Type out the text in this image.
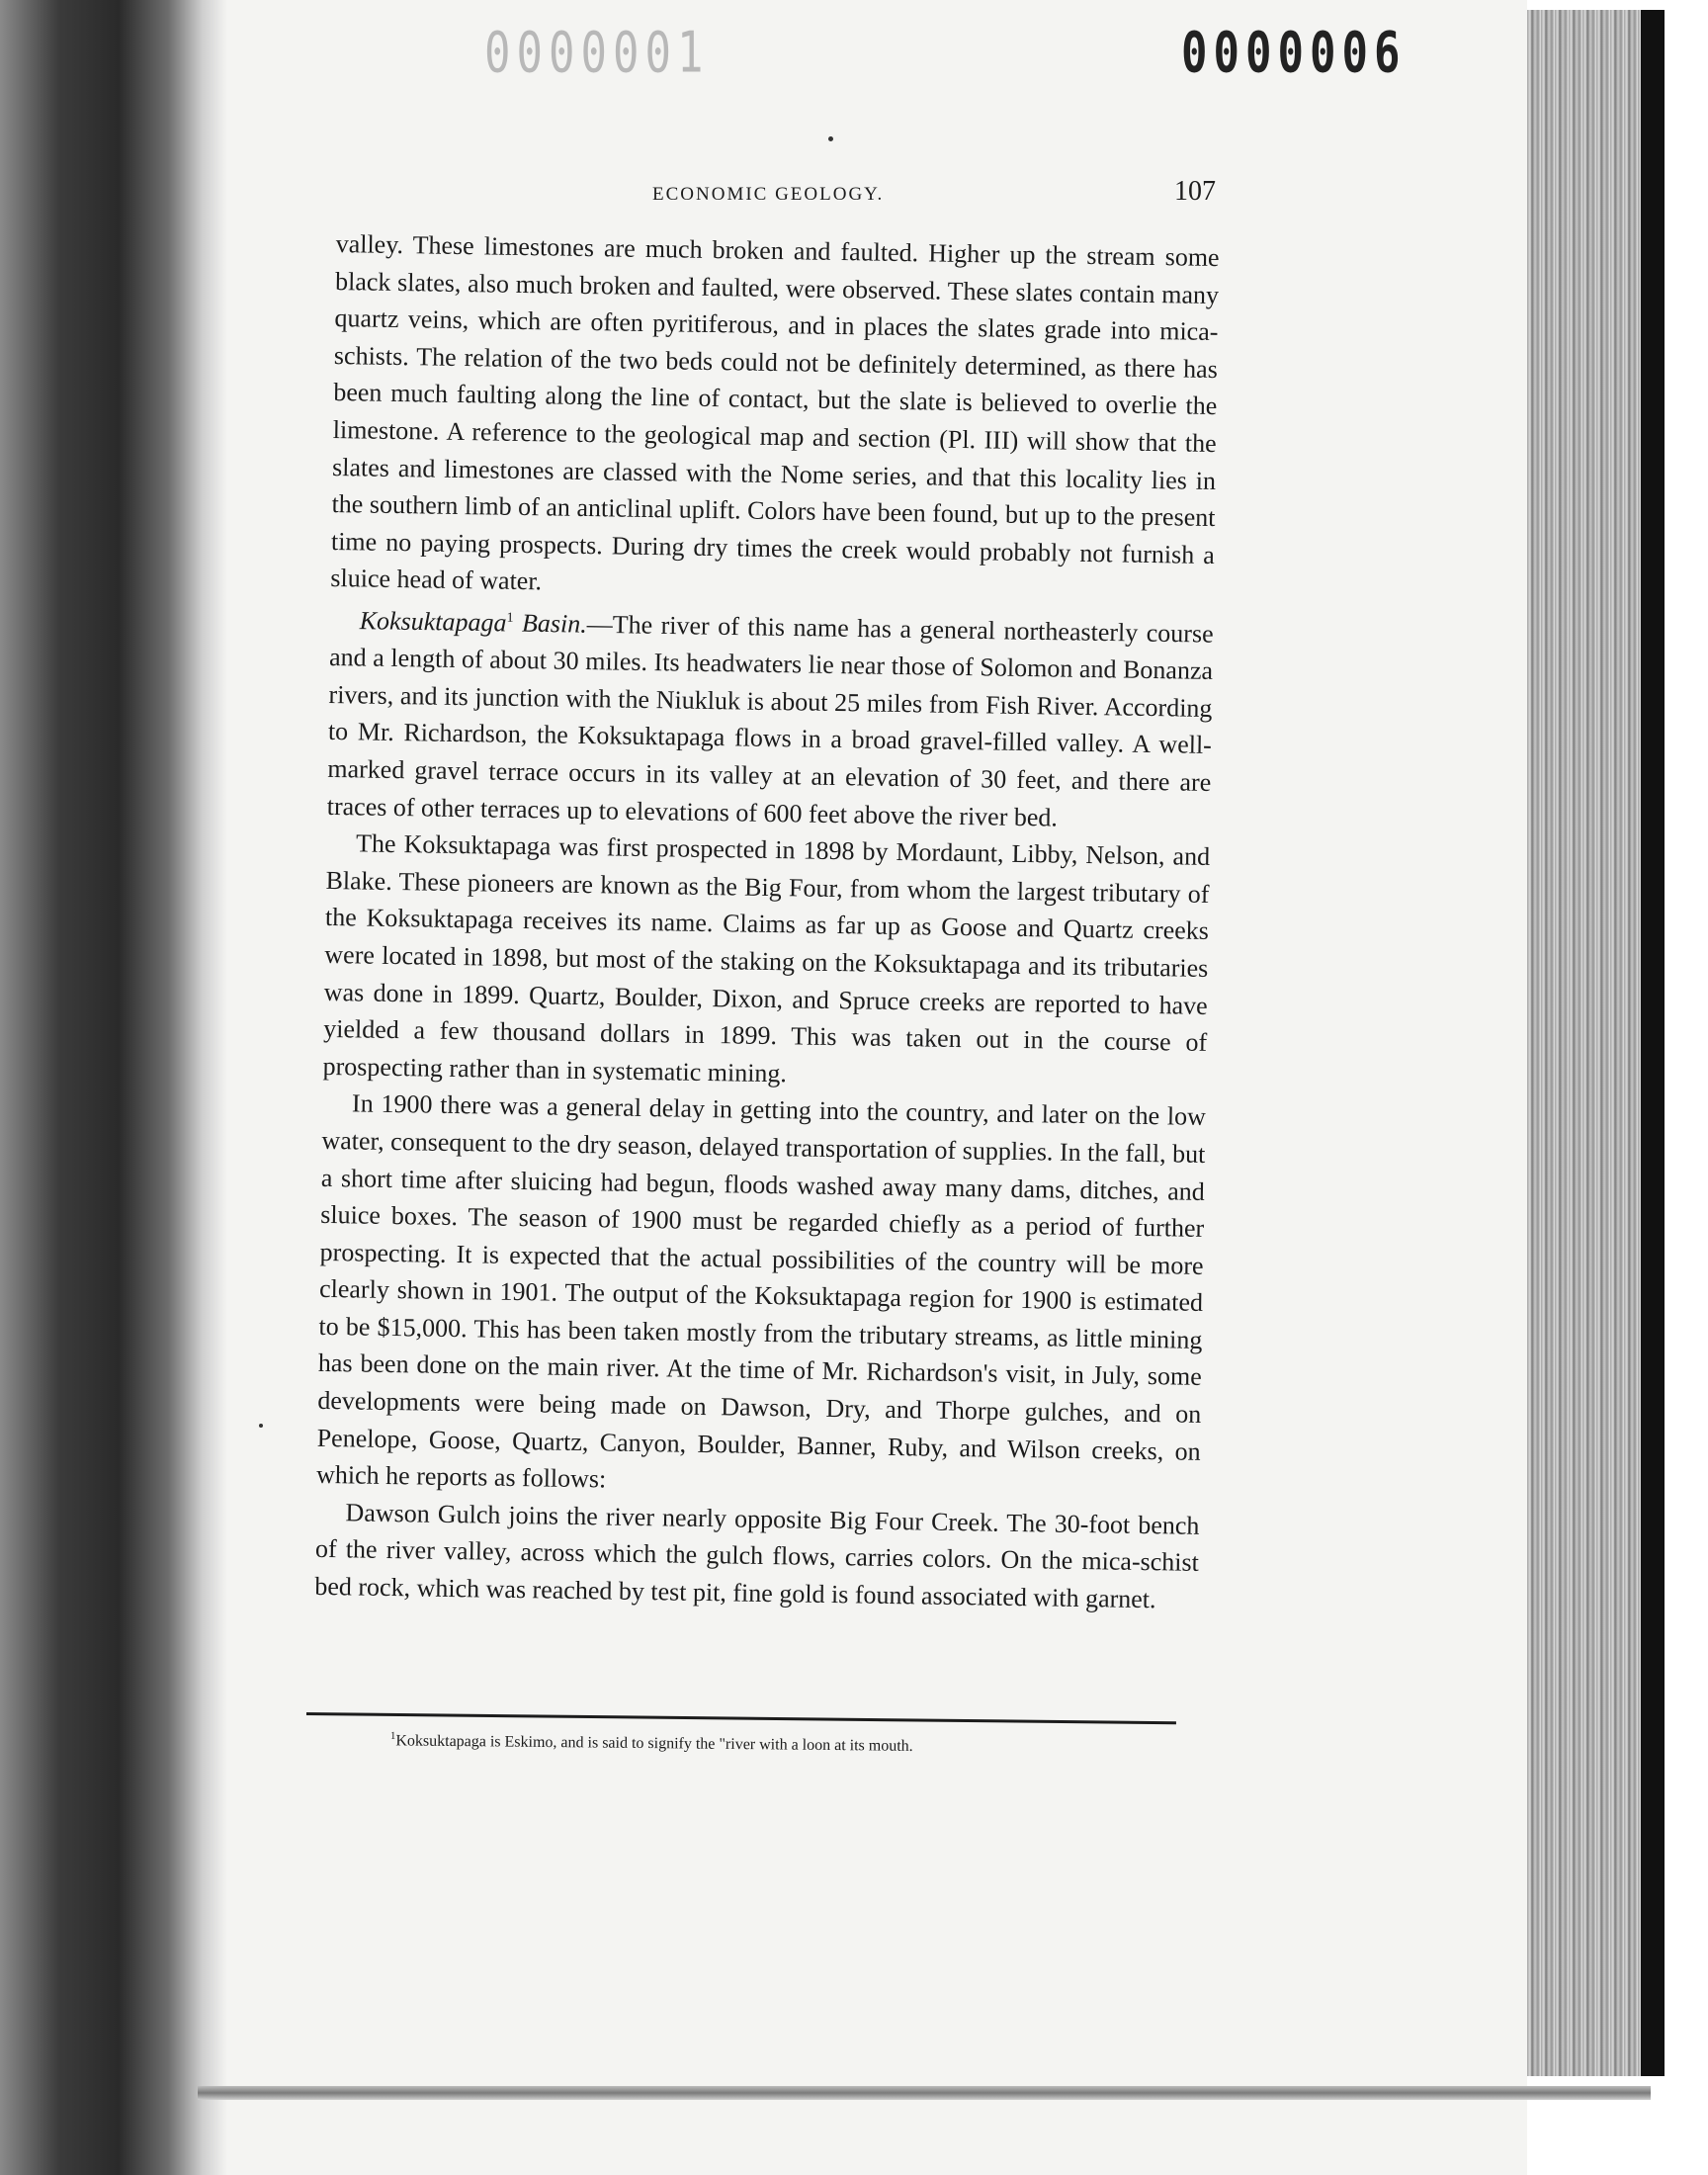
0000001	0000006
ECONOMIC GEOLOGY.	107

valley. These limestones are much broken and faulted. Higher up the stream some black slates, also much broken and faulted, were observed. These slates contain many quartz veins, which are often pyritiferous, and in places the slates grade into mica-schists. The relation of the two beds could not be definitely determined, as there has been much faulting along the line of contact, but the slate is believed to overlie the limestone. A reference to the geological map and section (Pl. III) will show that the slates and limestones are classed with the Nome series, and that this locality lies in the southern limb of an anticlinal uplift. Colors have been found, but up to the present time no paying prospects. During dry times the creek would probably not furnish a sluice head of water.

Koksuktapaga$^1$ Basin.—The river of this name has a general northeasterly course and a length of about 30 miles. Its headwaters lie near those of Solomon and Bonanza rivers, and its junction with the Niukluk is about 25 miles from Fish River. According to Mr. Richardson, the Koksuktapaga flows in a broad gravel-filled valley. A well-marked gravel terrace occurs in its valley at an elevation of 30 feet, and there are traces of other terraces up to elevations of 600 feet above the river bed.

The Koksuktapaga was first prospected in 1898 by Mordaunt, Libby, Nelson, and Blake. These pioneers are known as the Big Four, from whom the largest tributary of the Koksuktapaga receives its name. Claims as far up as Goose and Quartz creeks were located in 1898, but most of the staking on the Koksuktapaga and its tributaries was done in 1899. Quartz, Boulder, Dixon, and Spruce creeks are reported to have yielded a few thousand dollars in 1899. This was taken out in the course of prospecting rather than in systematic mining.

In 1900 there was a general delay in getting into the country, and later on the low water, consequent to the dry season, delayed transportation of supplies. In the fall, but a short time after sluicing had begun, floods washed away many dams, ditches, and sluice boxes. The season of 1900 must be regarded chiefly as a period of further prospecting. It is expected that the actual possibilities of the country will be more clearly shown in 1901. The output of the Koksuktapaga region for 1900 is estimated to be $15,000. This has been taken mostly from the tributary streams, as little mining has been done on the main river. At the time of Mr. Richardson's visit, in July, some developments were being made on Dawson, Dry, and Thorpe gulches, and on Penelope, Goose, Quartz, Canyon, Boulder, Banner, Ruby, and Wilson creeks, on which he reports as follows:

Dawson Gulch joins the river nearly opposite Big Four Creek. The 30-foot bench of the river valley, across which the gulch flows, carries colors. On the mica-schist bed rock, which was reached by test pit, fine gold is found associated with garnet.

$^1$Koksuktapaga is Eskimo, and is said to signify the "river with a loon at its mouth.
